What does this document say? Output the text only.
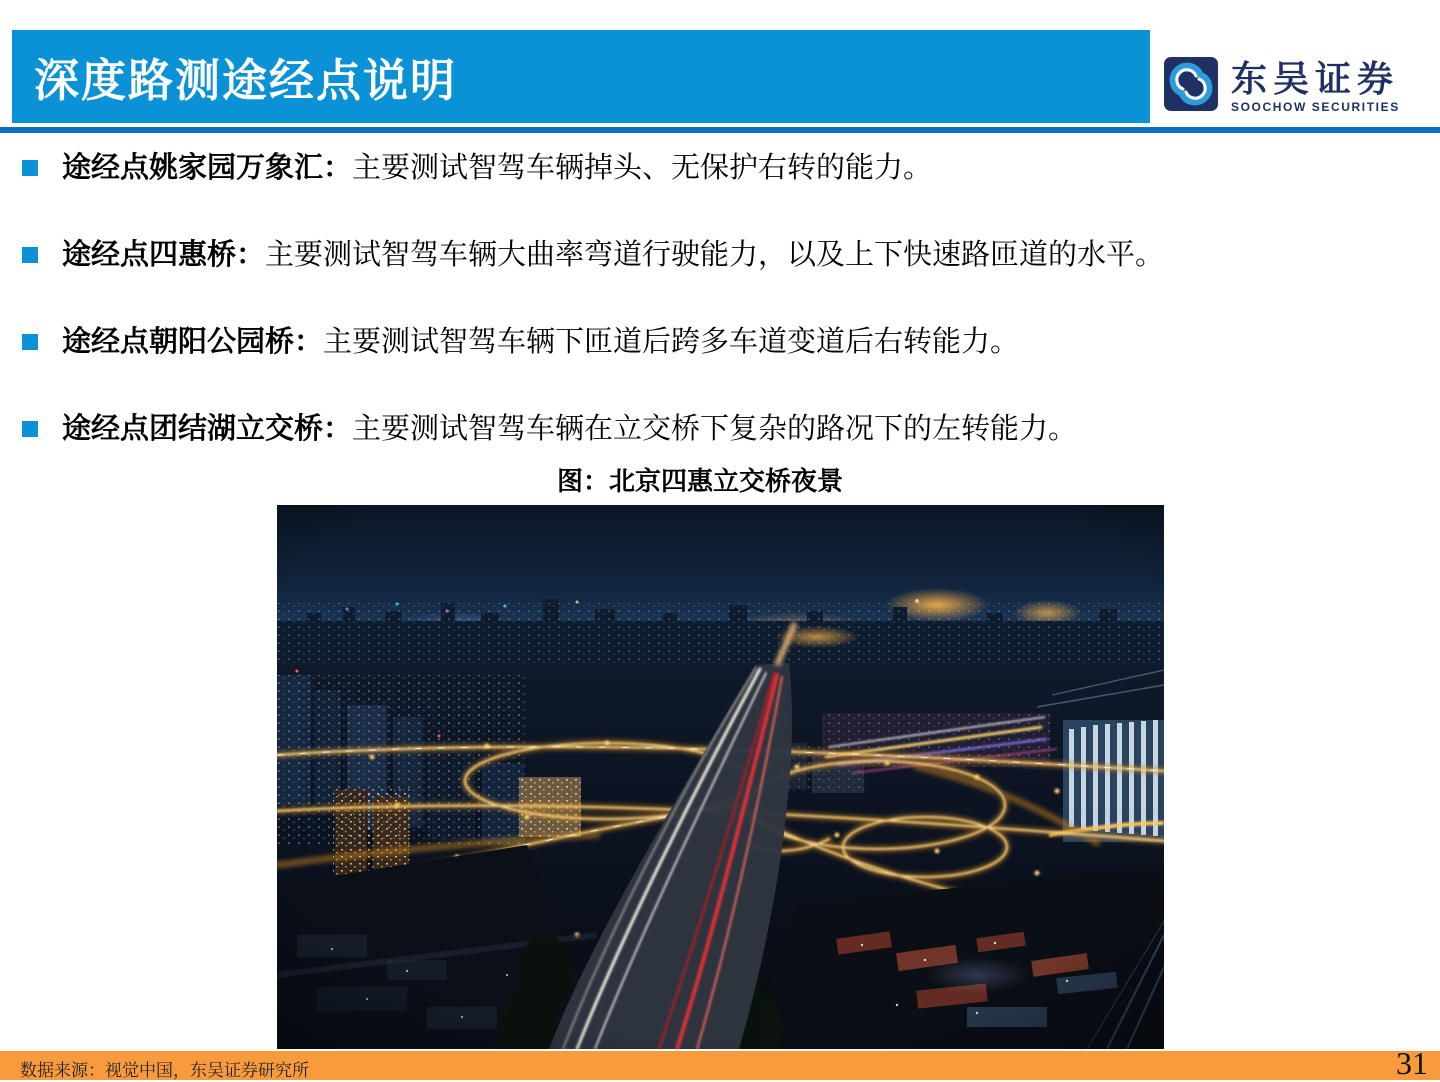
深度路测途经点说明	东吴证券
SOOCHOW SECURITIES
途经点姚家园万象汇：主要测试智驾车辆掉头、无保护右转的能力。
途经点四惠桥：主要测试智驾车辆大曲率弯道行驶能力，以及上下快速路匝道的水平。
途经点朝阳公园桥：主要测试智驾车辆下匝道后跨多车道变道后右转能力。
途经点团结湖立交桥：主要测试智驾车辆在立交桥下复杂的路况下的左转能力。
图：北京四惠立交桥夜景
数据来源：视觉中国，东吴证券研究所	31
